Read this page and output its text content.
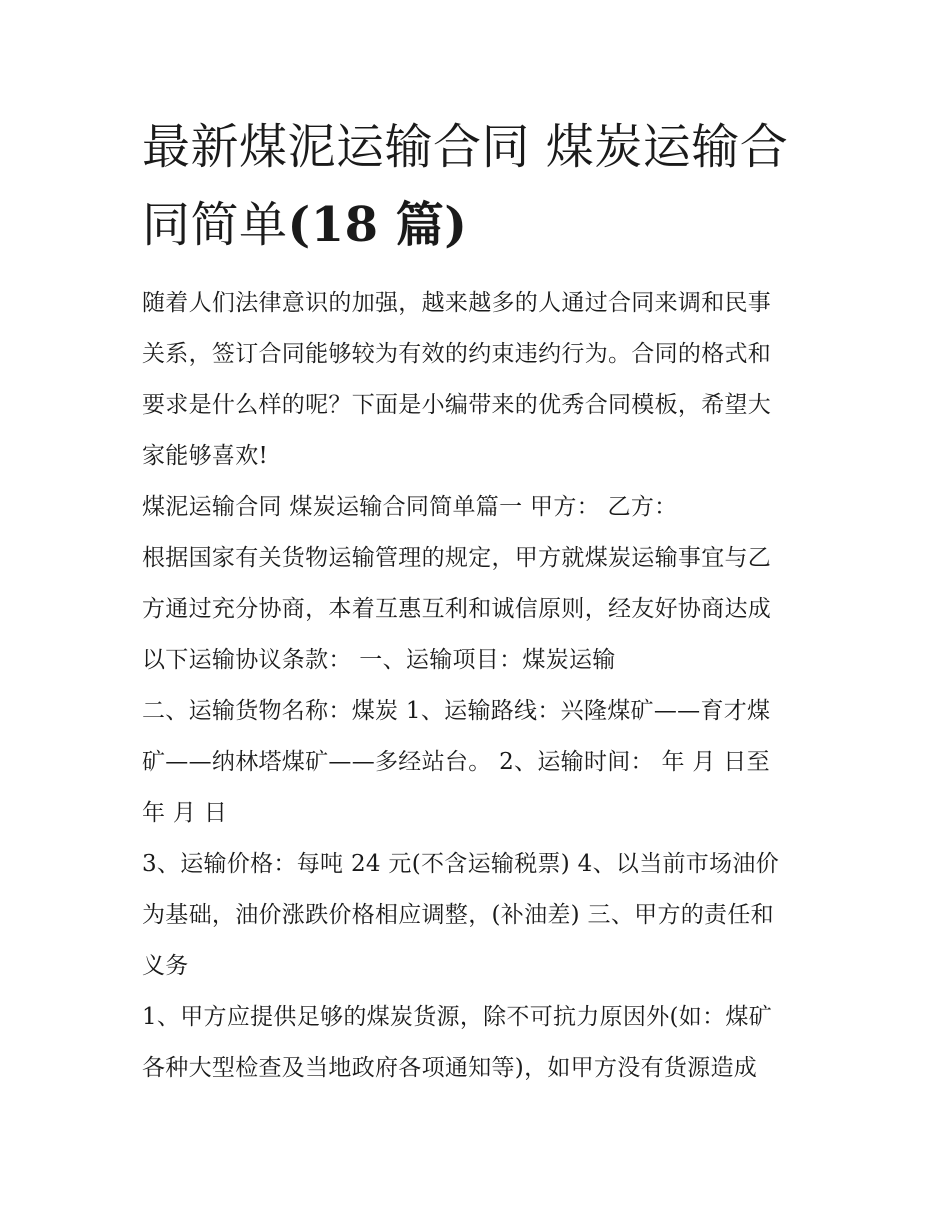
最新煤泥运输合同 煤炭运输合
同简单(18 篇)
随着人们法律意识的加强，越来越多的人通过合同来调和民事
关系，签订合同能够较为有效的约束违约行为。合同的格式和
要求是什么样的呢？下面是小编带来的优秀合同模板，希望大
家能够喜欢!
煤泥运输合同 煤炭运输合同简单篇一 甲方： 乙方：
根据国家有关货物运输管理的规定，甲方就煤炭运输事宜与乙
方通过充分协商，本着互惠互利和诚信原则，经友好协商达成
以下运输协议条款： 一、运输项目：煤炭运输
二、运输货物名称：煤炭 1、运输路线：兴隆煤矿——育才煤
矿——纳林塔煤矿——多经站台。 2、运输时间： 年 月 日至
年 月 日
3、运输价格：每吨 24 元(不含运输税票) 4、以当前市场油价
为基础，油价涨跌价格相应调整，(补油差) 三、甲方的责任和
义务
1、甲方应提供足够的煤炭货源，除不可抗力原因外(如：煤矿
各种大型检查及当地政府各项通知等)，如甲方没有货源造成
